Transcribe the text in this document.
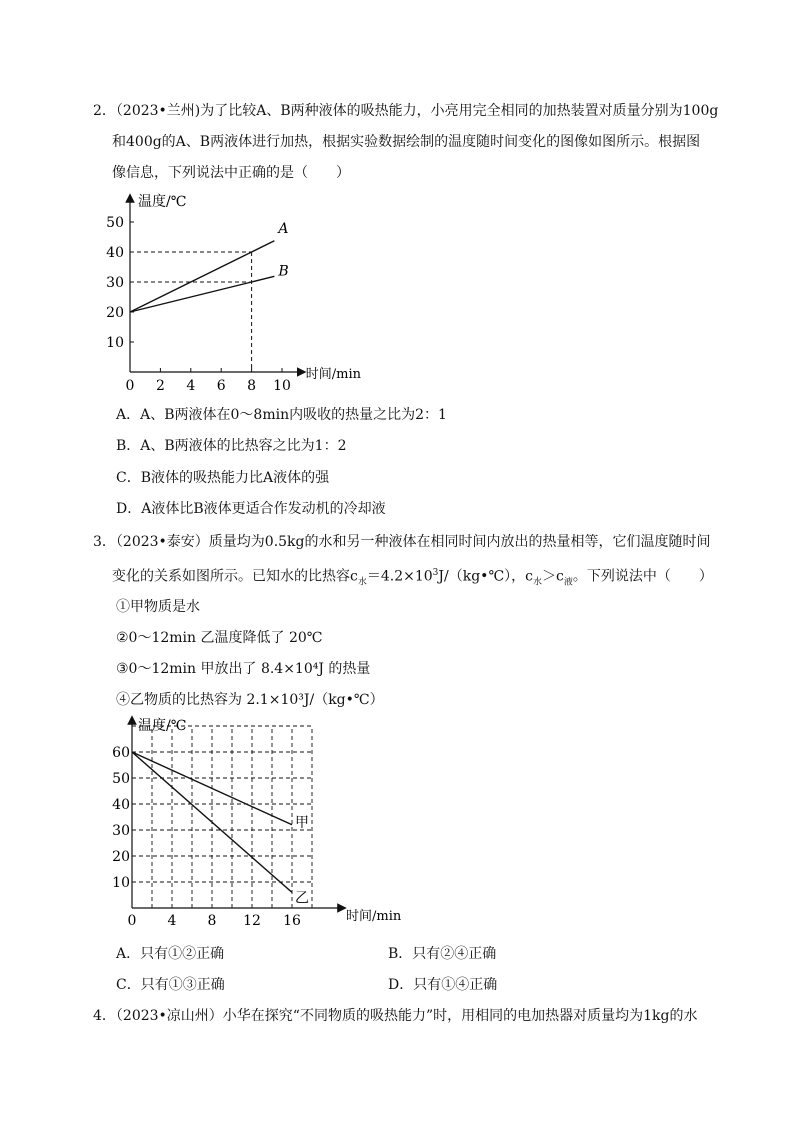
2．（2023•兰州)为了比较A、B两种液体的吸热能力，小亮用完全相同的加热装置对质量分别为100g
和400g的A、B两液体进行加热，根据实验数据绘制的温度随时间变化的图像如图所示。根据图
像信息，下列说法中正确的是（　　）
温度/℃
时间/min
10
20
30
40
50
0 2 4 6 8 10
A
B
A．A、B两液体在0～8min内吸收的热量之比为2：1
B．A、B两液体的比热容之比为1：2
C．B液体的吸热能力比A液体的强
D．A液体比B液体更适合作发动机的冷却液
3．（2023•泰安）质量均为0.5kg的水和另一种液体在相同时间内放出的热量相等，它们温度随时间
变化的关系如图所示。已知水的比热容$c_水=4.2\times 10^3J/(kg•℃)$，$c_水>c_液$。下列说法中（　　）
①甲物质是水
②0～12min 乙温度降低了 20℃
③0～12min 甲放出了 8.4×10⁴J 的热量
④乙物质的比热容为 2.1×10³J/（kg•℃）
温度/℃
时间/min
10
20
30
40
50
60
0 4 8 12 16
甲
乙
A．只有①②正确	B．只有②④正确
C．只有①③正确	D．只有①④正确
4．（2023•凉山州）小华在探究“不同物质的吸热能力”时，用相同的电加热器对质量均为1kg的水
